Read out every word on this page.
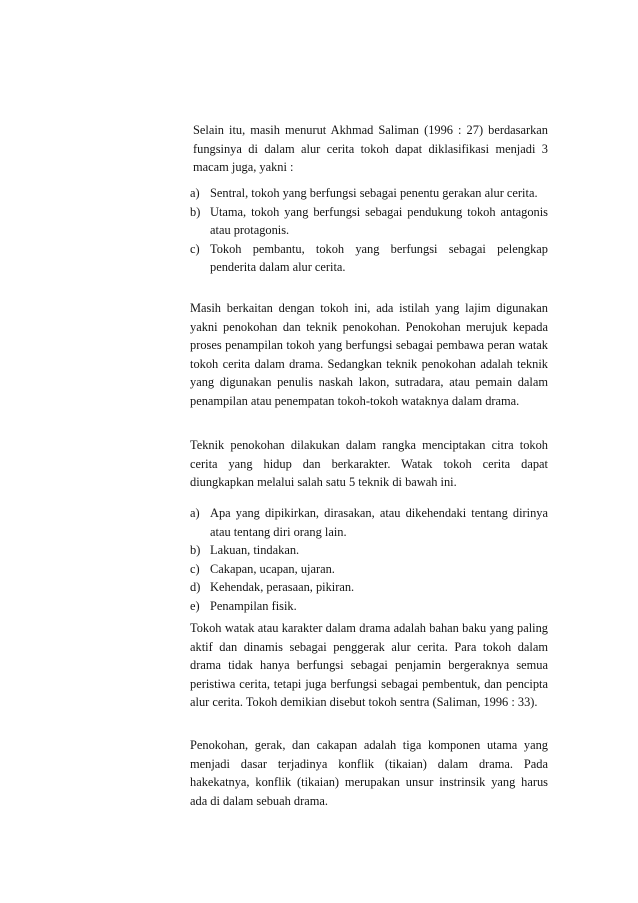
Selain itu, masih menurut Akhmad Saliman (1996 : 27) berdasarkan fungsinya di dalam alur cerita tokoh dapat diklasifikasi menjadi 3 macam juga, yakni :

a) Sentral, tokoh yang berfungsi sebagai penentu gerakan alur cerita.
b) Utama, tokoh yang berfungsi sebagai pendukung tokoh antagonis atau protagonis.
c) Tokoh pembantu, tokoh yang berfungsi sebagai pelengkap penderita dalam alur cerita.

Masih berkaitan dengan tokoh ini, ada istilah yang lajim digunakan yakni penokohan dan teknik penokohan. Penokohan merujuk kepada proses penampilan tokoh yang berfungsi sebagai pembawa peran watak tokoh cerita dalam drama. Sedangkan teknik penokohan adalah teknik yang digunakan penulis naskah lakon, sutradara, atau pemain dalam penampilan atau penempatan tokoh-tokoh wataknya dalam drama.

Teknik penokohan dilakukan dalam rangka menciptakan citra tokoh cerita yang hidup dan berkarakter. Watak tokoh cerita dapat diungkapkan melalui salah satu 5 teknik di bawah ini.

a) Apa yang dipikirkan, dirasakan, atau dikehendaki tentang dirinya atau tentang diri orang lain.
b) Lakuan, tindakan.
c) Cakapan, ucapan, ujaran.
d) Kehendak, perasaan, pikiran.
e) Penampilan fisik.

Tokoh watak atau karakter dalam drama adalah bahan baku yang paling aktif dan dinamis sebagai penggerak alur cerita. Para tokoh dalam drama tidak hanya berfungsi sebagai penjamin bergeraknya semua peristiwa cerita, tetapi juga berfungsi sebagai pembentuk, dan pencipta alur cerita. Tokoh demikian disebut tokoh sentra (Saliman, 1996 : 33).

Penokohan, gerak, dan cakapan adalah tiga komponen utama yang menjadi dasar terjadinya konflik (tikaian) dalam drama. Pada hakekatnya, konflik (tikaian) merupakan unsur instrinsik yang harus ada di dalam sebuah drama.
